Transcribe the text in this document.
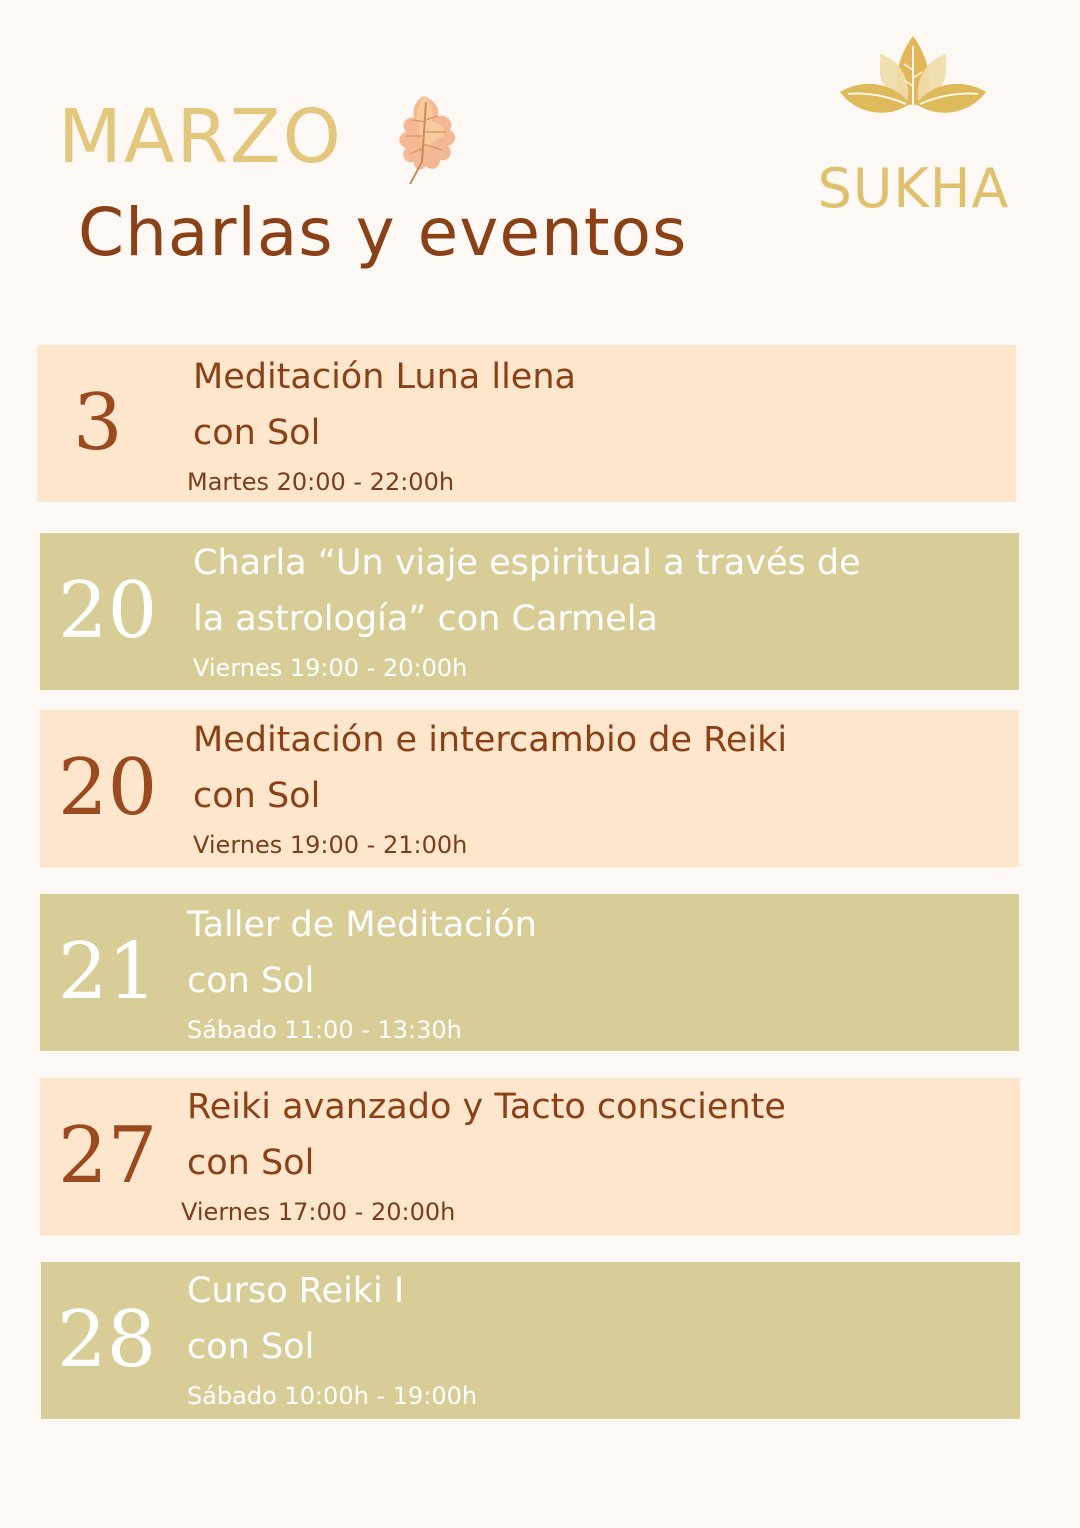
MARZO
Charlas y eventos
SUKHA
3
Meditación Luna llena
con Sol
Martes 20:00 - 22:00h
20
Charla “Un viaje espiritual a través de
la astrología” con Carmela
Viernes 19:00 - 20:00h
20
Meditación e intercambio de Reiki
con Sol
Viernes 19:00 - 21:00h
21
Taller de Meditación
con Sol
Sábado 11:00 - 13:30h
27
Reiki avanzado y Tacto consciente
con Sol
Viernes 17:00 - 20:00h
28
Curso Reiki I
con Sol
Sábado 10:00h - 19:00h
